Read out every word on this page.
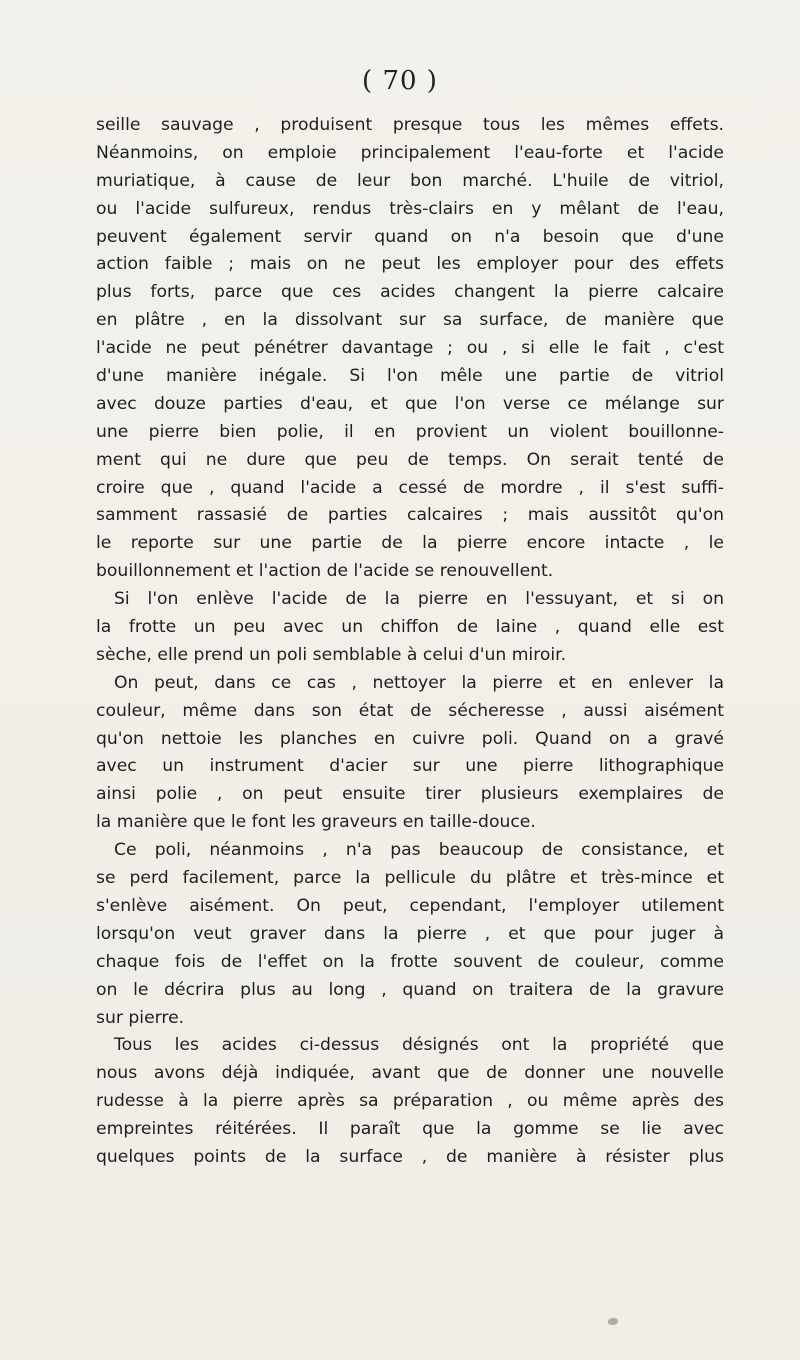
( 70 )
seille sauvage , produisent presque tous les mêmes effets.
Néanmoins, on emploie principalement l'eau-forte et l'acide
muriatique, à cause de leur bon marché. L'huile de vitriol,
ou l'acide sulfureux, rendus très-clairs en y mêlant de l'eau,
peuvent également servir quand on n'a besoin que d'une
action faible ; mais on ne peut les employer pour des effets
plus forts, parce que ces acides changent la pierre calcaire
en plâtre , en la dissolvant sur sa surface, de manière que
l'acide ne peut pénétrer davantage ; ou , si elle le fait , c'est
d'une manière inégale. Si l'on mêle une partie de vitriol
avec douze parties d'eau, et que l'on verse ce mélange sur
une pierre bien polie, il en provient un violent bouillonne-
ment qui ne dure que peu de temps. On serait tenté de
croire que , quand l'acide a cessé de mordre , il s'est suffi-
samment rassasié de parties calcaires ; mais aussitôt qu'on
le reporte sur une partie de la pierre encore intacte , le
bouillonnement et l'action de l'acide se renouvellent.
Si l'on enlève l'acide de la pierre en l'essuyant, et si on
la frotte un peu avec un chiffon de laine , quand elle est
sèche, elle prend un poli semblable à celui d'un miroir.
On peut, dans ce cas , nettoyer la pierre et en enlever la
couleur, même dans son état de sécheresse , aussi aisément
qu'on nettoie les planches en cuivre poli. Quand on a gravé
avec un instrument d'acier sur une pierre lithographique
ainsi polie , on peut ensuite tirer plusieurs exemplaires de
la manière que le font les graveurs en taille-douce.
Ce poli, néanmoins , n'a pas beaucoup de consistance, et
se perd facilement, parce la pellicule du plâtre et très-mince et
s'enlève aisément. On peut, cependant, l'employer utilement
lorsqu'on veut graver dans la pierre , et que pour juger à
chaque fois de l'effet on la frotte souvent de couleur, comme
on le décrira plus au long , quand on traitera de la gravure
sur pierre.
Tous les acides ci-dessus désignés ont la propriété que
nous avons déjà indiquée, avant que de donner une nouvelle
rudesse à la pierre après sa préparation , ou même après des
empreintes réitérées. Il paraît que la gomme se lie avec
quelques points de la surface , de manière à résister plus
